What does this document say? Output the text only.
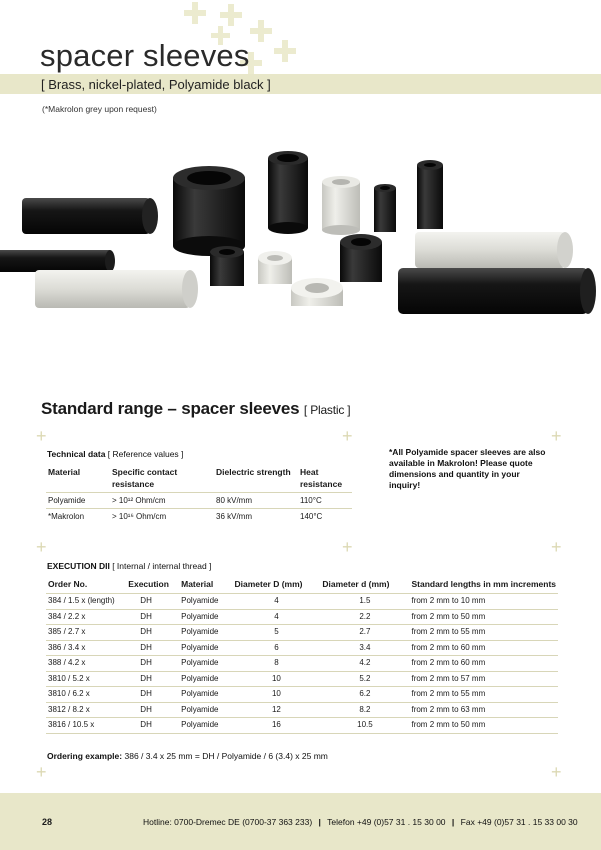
spacer sleeves
[ Brass, nickel-plated, Polyamide black ]
(*Makrolon grey upon request)
Standard range – spacer sleeves [ Plastic ]
+	+	+
Technical data [ Reference values ]
Material	Specific contact resistance	Dielectric strength	Heat resistance
Polyamide	> 10¹² Ohm/cm	80 kV/mm	110°C
*Makrolon	> 10¹⁶ Ohm/cm	36 kV/mm	140°C
*All Polyamide spacer sleeves are also available in Makrolon! Please quote dimensions and quantity in your inquiry!
+	+	+
EXECUTION DII [ Internal / internal thread ]
Order No.	Execution	Material	Diameter D (mm)	Diameter d (mm)	Standard lengths in mm increments
384 / 1.5 x (length)	DH	Polyamide	4	1.5	from 2 mm to 10 mm
384 / 2.2 x	DH	Polyamide	4	2.2	from 2 mm to 50 mm
385 / 2.7 x	DH	Polyamide	5	2.7	from 2 mm to 55 mm
386 / 3.4 x	DH	Polyamide	6	3.4	from 2 mm to 60 mm
388 / 4.2 x	DH	Polyamide	8	4.2	from 2 mm to 60 mm
3810 / 5.2 x	DH	Polyamide	10	5.2	from 2 mm to 57 mm
3810 / 6.2 x	DH	Polyamide	10	6.2	from 2 mm to 55 mm
3812 / 8.2 x	DH	Polyamide	12	8.2	from 2 mm to 63 mm
3816 / 10.5 x	DH	Polyamide	16	10.5	from 2 mm to 50 mm
Ordering example: 386 / 3.4 x 25 mm = DH / Polyamide / 6 (3.4) x 25 mm
+	+
28	Hotline: 0700-Dremec DE (0700-37 363 233) | Telefon +49 (0)57 31 . 15 30 00 | Fax +49 (0)57 31 . 15 33 00 30
